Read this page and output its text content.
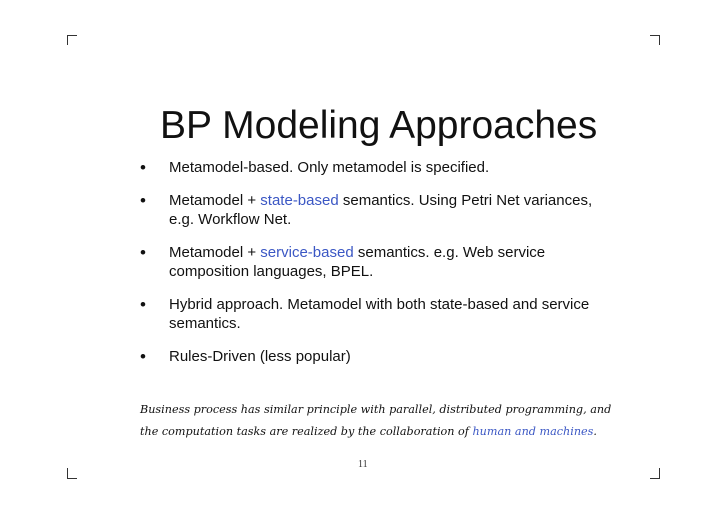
BP Modeling Approaches
• Metamodel-based. Only metamodel is specified.
• Metamodel + state-based semantics. Using Petri Net variances, e.g. Workflow Net.
• Metamodel + service-based semantics. e.g. Web service composition languages, BPEL.
• Hybrid approach. Metamodel with both state-based and service semantics.
• Rules-Driven (less popular)
Business process has similar principle with parallel, distributed programming, and
the computation tasks are realized by the collaboration of human and machines.
11
